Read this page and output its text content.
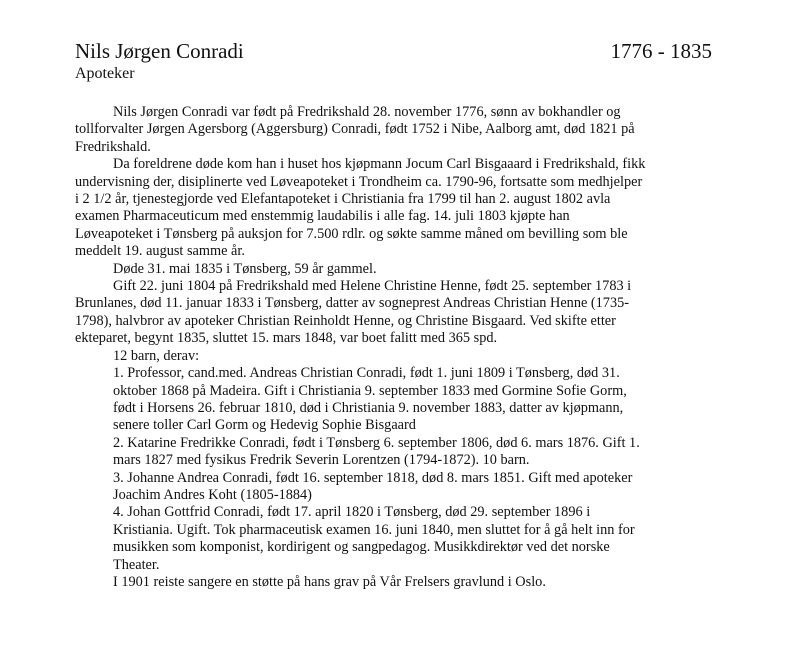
Nils Jørgen Conradi	1776 - 1835
Apoteker

Nils Jørgen Conradi var født på Fredrikshald 28. november 1776, sønn av bokhandler og
tollforvalter Jørgen Agersborg (Aggersburg) Conradi, født 1752 i Nibe, Aalborg amt, død 1821 på
Fredrikshald.

Da foreldrene døde kom han i huset hos kjøpmann Jocum Carl Bisgaaard i Fredrikshald, fikk
undervisning der, disiplinerte ved Løveapoteket i Trondheim ca. 1790-96, fortsatte som medhjelper
i 2 1/2 år, tjenestegjorde ved Elefantapoteket i Christiania fra 1799 til han 2. august 1802 avla
examen Pharmaceuticum med enstemmig laudabilis i alle fag. 14. juli 1803 kjøpte han
Løveapoteket i Tønsberg på auksjon for 7.500 rdlr. og søkte samme måned om bevilling som ble
meddelt 19. august samme år.

Døde 31. mai 1835 i Tønsberg, 59 år gammel.

Gift 22. juni 1804 på Fredrikshald med Helene Christine Henne, født 25. september 1783 i
Brunlanes, død 11. januar 1833 i Tønsberg, datter av sogneprest Andreas Christian Henne (1735-
1798), halvbror av apoteker Christian Reinholdt Henne, og Christine Bisgaard. Ved skifte etter
ekteparet, begynt 1835, sluttet 15. mars 1848, var boet falitt med 365 spd.

12 barn, derav:

1. Professor, cand.med. Andreas Christian Conradi, født 1. juni 1809 i Tønsberg, død 31.
oktober 1868 på Madeira. Gift i Christiania 9. september 1833 med Gormine Sofie Gorm,
født i Horsens 26. februar 1810, død i Christiania 9. november 1883, datter av kjøpmann,
senere toller Carl Gorm og Hedevig Sophie Bisgaard
2. Katarine Fredrikke Conradi, født i Tønsberg 6. september 1806, død 6. mars 1876. Gift 1.
mars 1827 med fysikus Fredrik Severin Lorentzen (1794-1872). 10 barn.
3. Johanne Andrea Conradi, født 16. september 1818, død 8. mars 1851. Gift med apoteker
Joachim Andres Koht (1805-1884)
4. Johan Gottfrid Conradi, født 17. april 1820 i Tønsberg, død 29. september 1896 i
Kristiania. Ugift. Tok pharmaceutisk examen 16. juni 1840, men sluttet for å gå helt inn for
musikken som komponist, kordirigent og sangpedagog. Musikkdirektør ved det norske
Theater.
I 1901 reiste sangere en støtte på hans grav på Vår Frelsers gravlund i Oslo.
